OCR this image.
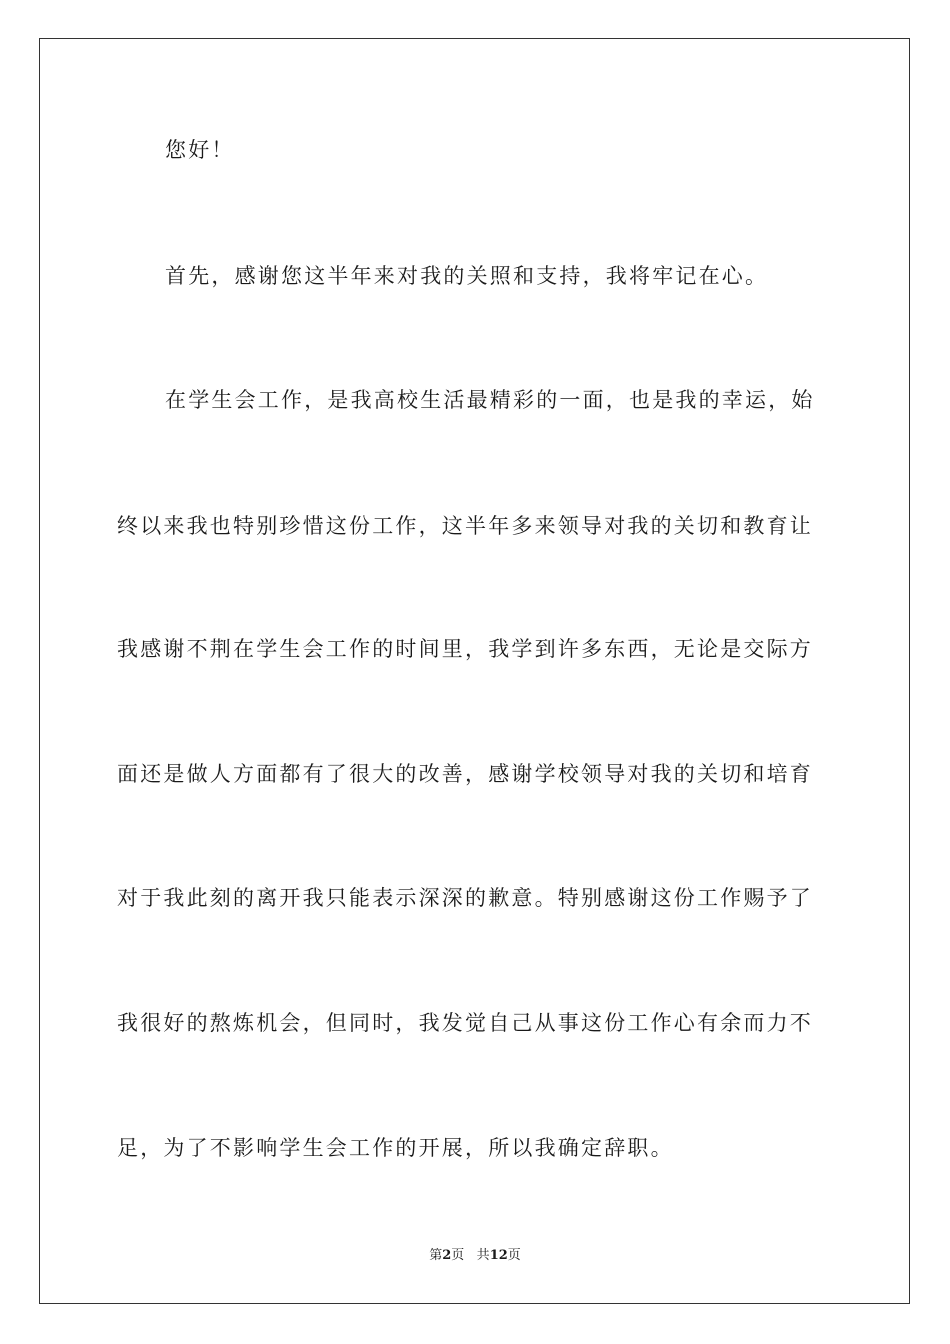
您好！
首先，感谢您这半年来对我的关照和支持，我将牢记在心。
在学生会工作，是我高校生活最精彩的一面，也是我的幸运，始
终以来我也特别珍惜这份工作，这半年多来领导对我的关切和教育让
我感谢不荆在学生会工作的时间里，我学到许多东西，无论是交际方
面还是做人方面都有了很大的改善，感谢学校领导对我的关切和培育
对于我此刻的离开我只能表示深深的歉意。特别感谢这份工作赐予了
我很好的熬炼机会，但同时，我发觉自己从事这份工作心有余而力不
足，为了不影响学生会工作的开展，所以我确定辞职。
第2页 共12页
